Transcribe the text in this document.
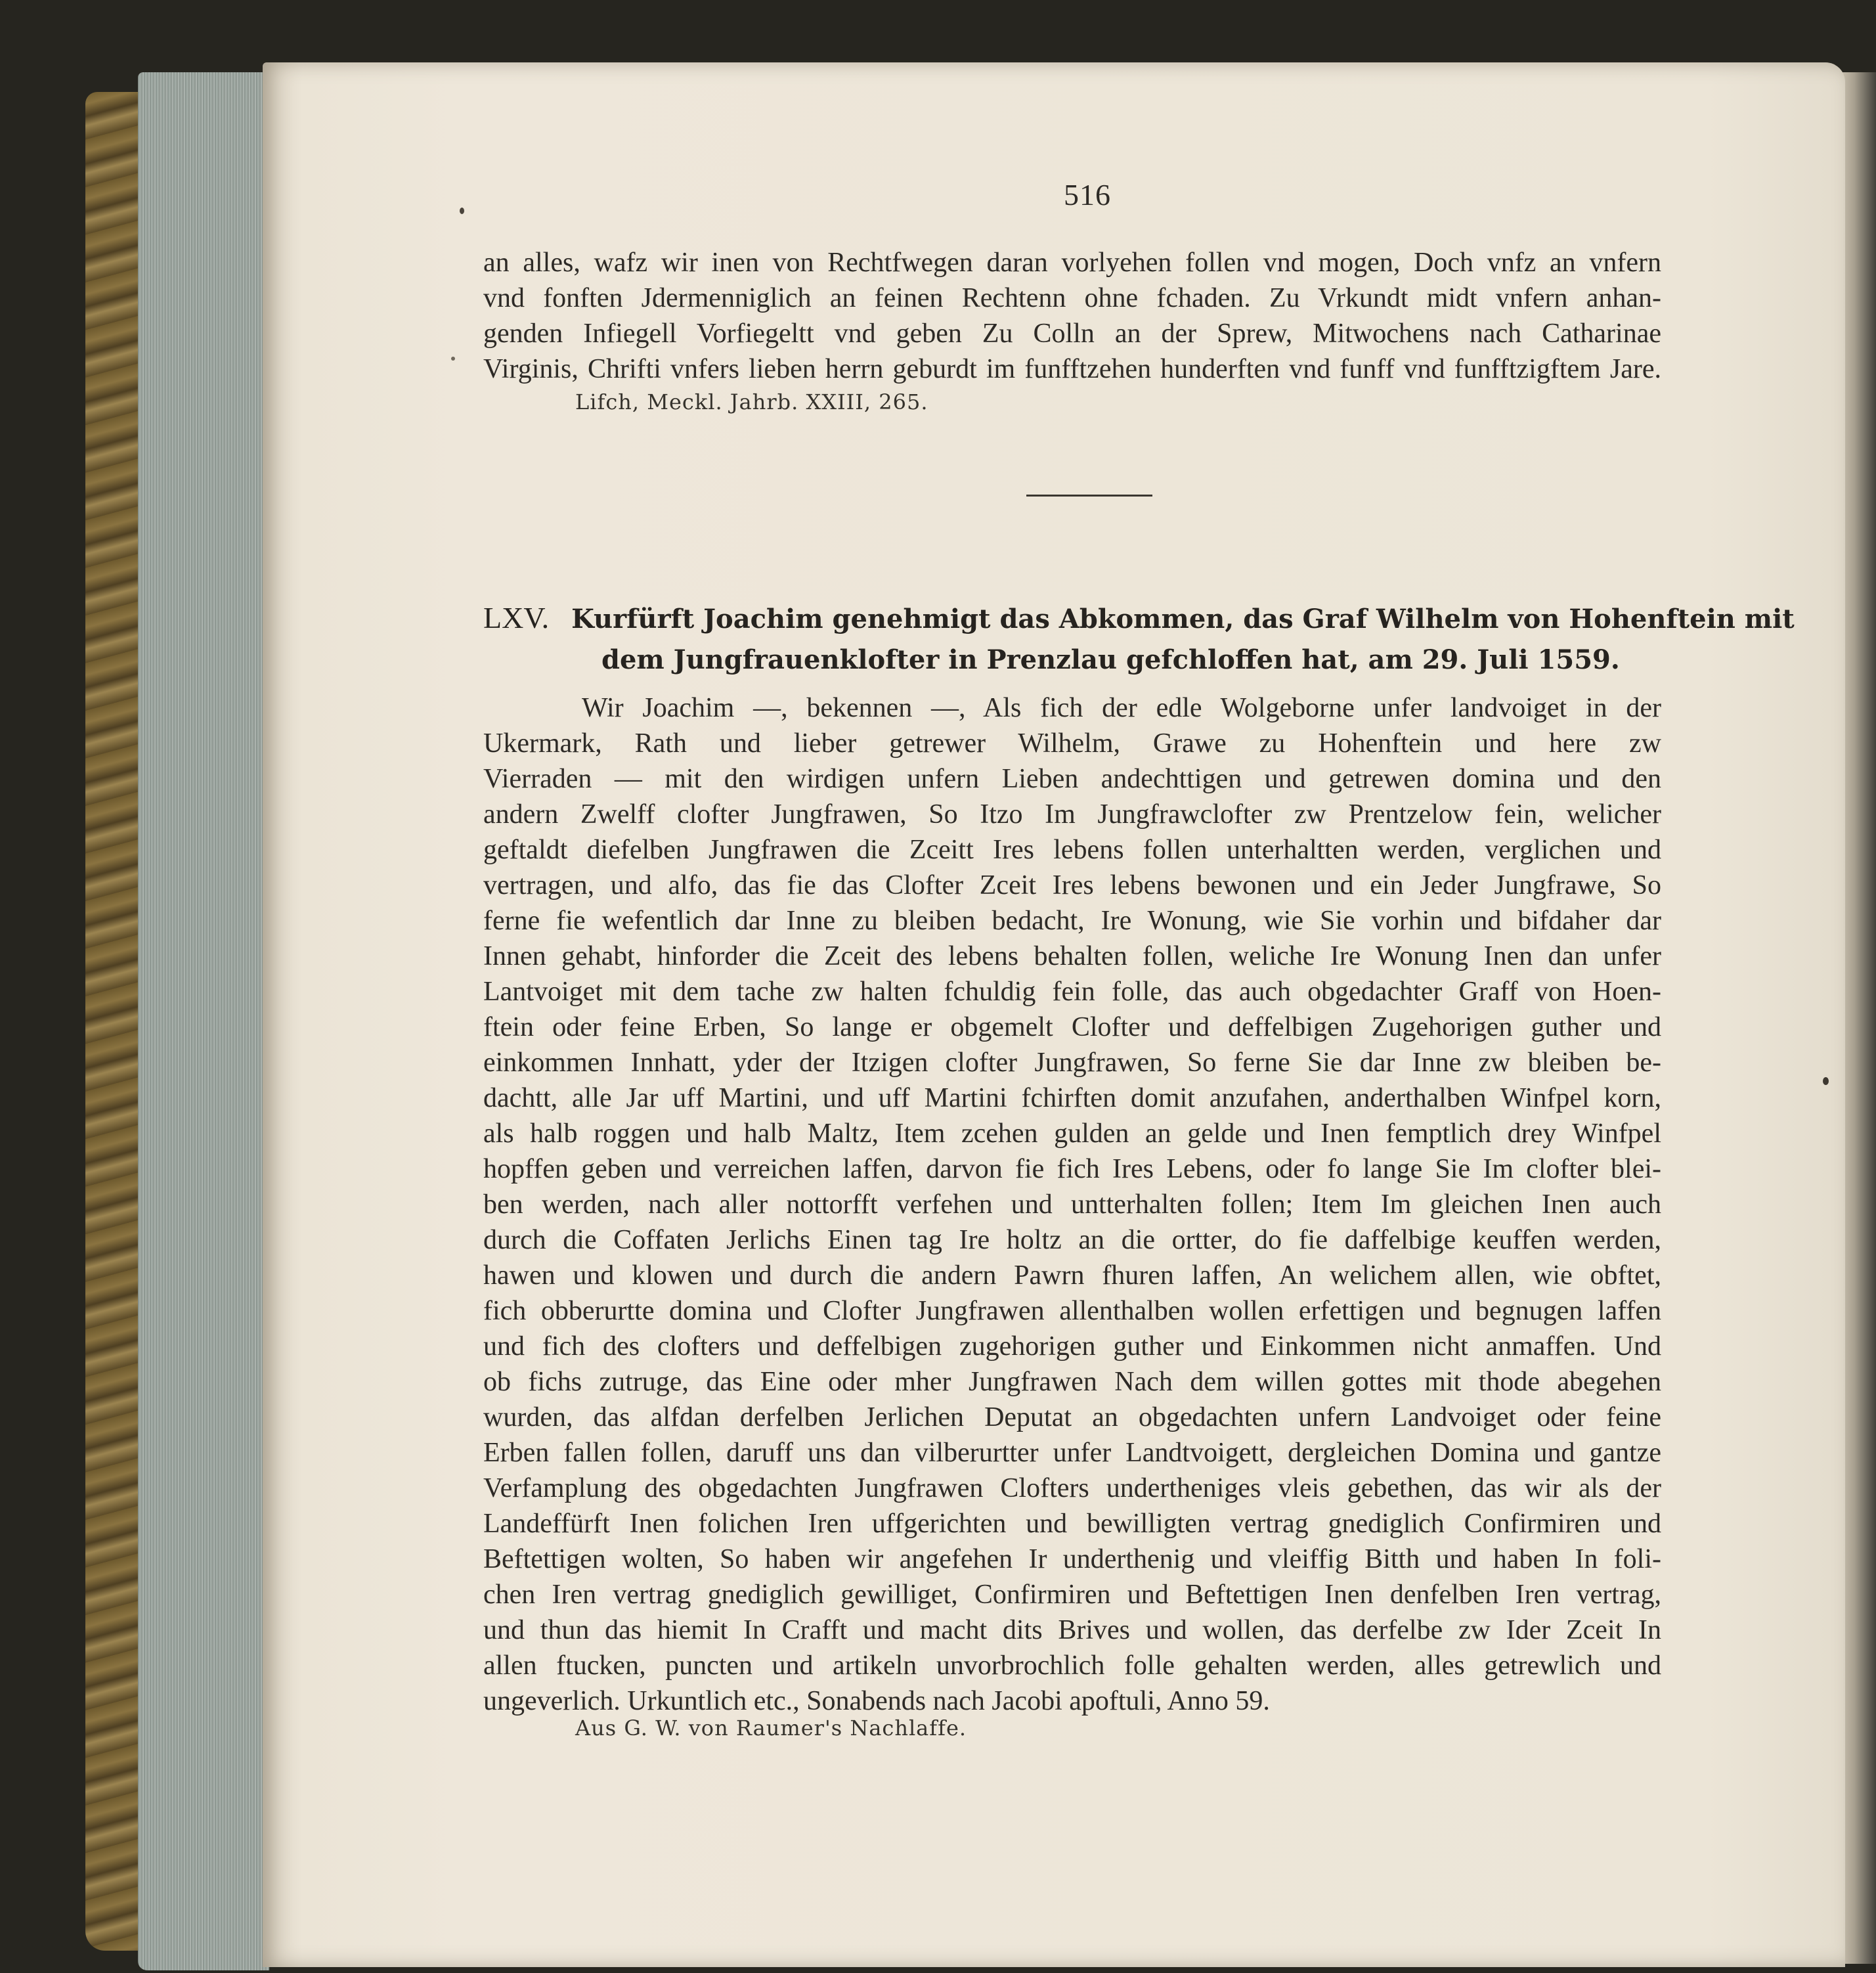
516
an alles, wafz wir inen von Rechtfwegen daran vorlyehen follen vnd mogen, Doch vnfz an vnfern
vnd fonften Jdermenniglich an feinen Rechtenn ohne fchaden. Zu Vrkundt midt vnfern anhan-
genden Infiegell Vorfiegeltt vnd geben Zu Colln an der Sprew, Mitwochens nach Catharinae
Virginis, Chrifti vnfers lieben herrn geburdt im funfftzehen hunderften vnd funff vnd funfftzigftem Jare.
Lifch, Meckl. Jahrb. XXIII, 265.
LXV. Kurfürft Joachim genehmigt das Abkommen, das Graf Wilhelm von Hohenftein mit
dem Jungfrauenklofter in Prenzlau gefchloffen hat, am 29. Juli 1559.
Wir Joachim —, bekennen —, Als fich der edle Wolgeborne unfer landvoiget in der
Ukermark, Rath und lieber getrewer Wilhelm, Grawe zu Hohenftein und here zw
Vierraden — mit den wirdigen unfern Lieben andechttigen und getrewen domina und den
andern Zwelff clofter Jungfrawen, So Itzo Im Jungfrawclofter zw Prentzelow fein, welicher
geftaldt diefelben Jungfrawen die Zceitt Ires lebens follen unterhaltten werden, verglichen und
vertragen, und alfo, das fie das Clofter Zceit Ires lebens bewonen und ein Jeder Jungfrawe, So
ferne fie wefentlich dar Inne zu bleiben bedacht, Ire Wonung, wie Sie vorhin und bifdaher dar
Innen gehabt, hinforder die Zceit des lebens behalten follen, weliche Ire Wonung Inen dan unfer
Lantvoiget mit dem tache zw halten fchuldig fein folle, das auch obgedachter Graff von Hoen-
ftein oder feine Erben, So lange er obgemelt Clofter und deffelbigen Zugehorigen guther und
einkommen Innhatt, yder der Itzigen clofter Jungfrawen, So ferne Sie dar Inne zw bleiben be-
dachtt, alle Jar uff Martini, und uff Martini fchirften domit anzufahen, anderthalben Winfpel korn,
als halb roggen und halb Maltz, Item zcehen gulden an gelde und Inen femptlich drey Winfpel
hopffen geben und verreichen laffen, darvon fie fich Ires Lebens, oder fo lange Sie Im clofter blei-
ben werden, nach aller nottorfft verfehen und untterhalten follen; Item Im gleichen Inen auch
durch die Coffaten Jerlichs Einen tag Ire holtz an die ortter, do fie daffelbige keuffen werden,
hawen und klowen und durch die andern Pawrn fhuren laffen, An welichem allen, wie obftet,
fich obberurtte domina und Clofter Jungfrawen allenthalben wollen erfettigen und begnugen laffen
und fich des clofters und deffelbigen zugehorigen guther und Einkommen nicht anmaffen. Und
ob fichs zutruge, das Eine oder mher Jungfrawen Nach dem willen gottes mit thode abegehen
wurden, das alfdan derfelben Jerlichen Deputat an obgedachten unfern Landvoiget oder feine
Erben fallen follen, daruff uns dan vilberurtter unfer Landtvoigett, dergleichen Domina und gantze
Verfamplung des obgedachten Jungfrawen Clofters undertheniges vleis gebethen, das wir als der
Landeffürft Inen folichen Iren uffgerichten und bewilligten vertrag gnediglich Confirmiren und
Beftettigen wolten, So haben wir angefehen Ir underthenig und vleiffig Bitth und haben In foli-
chen Iren vertrag gnediglich gewilliget, Confirmiren und Beftettigen Inen denfelben Iren vertrag,
und thun das hiemit In Crafft und macht dits Brives und wollen, das derfelbe zw Ider Zceit In
allen ftucken, puncten und artikeln unvorbrochlich folle gehalten werden, alles getrewlich und
ungeverlich. Urkuntlich etc., Sonabends nach Jacobi apoftuli, Anno 59.
Aus G. W. von Raumer's Nachlaffe.
